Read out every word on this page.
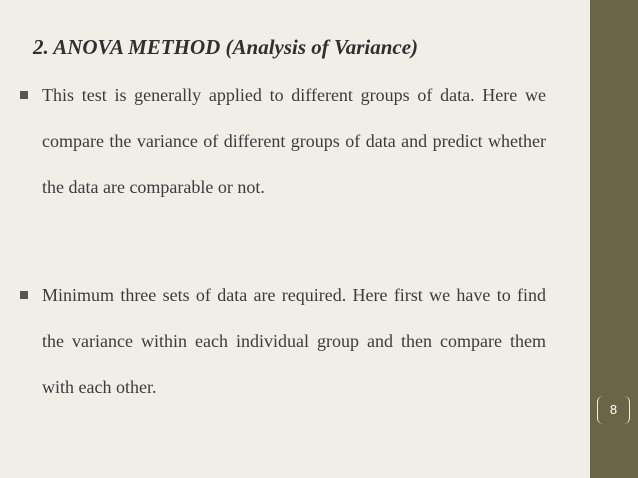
2. ANOVA METHOD (Analysis of Variance)
This test is generally applied to different groups of data. Here we compare the variance of different groups of data and predict whether the data are comparable or not.
Minimum three sets of data are required. Here first we have to find the variance within each individual group and then compare them with each other.
8
